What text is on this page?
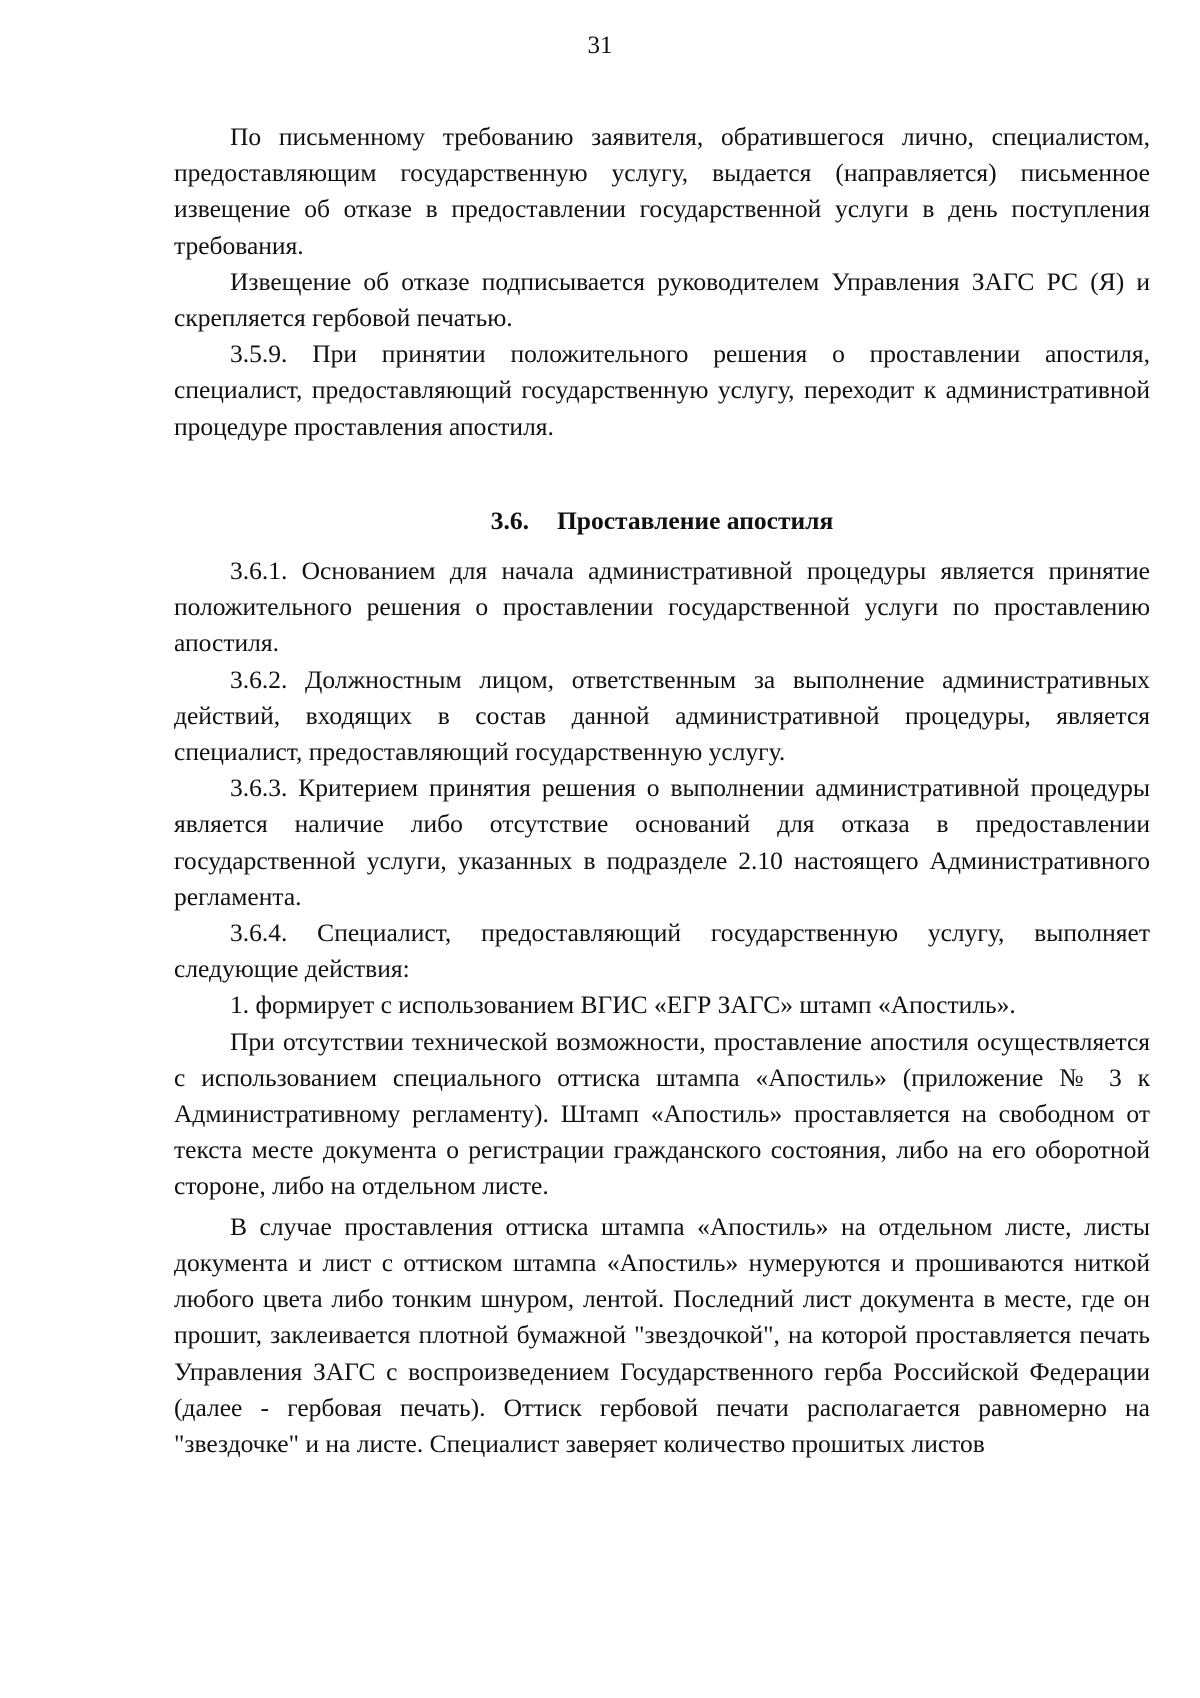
31

По письменному требованию заявителя, обратившегося лично, специалистом, предоставляющим государственную услугу, выдается (направляется) письменное извещение об отказе в предоставлении государственной услуги в день поступления требования.

Извещение об отказе подписывается руководителем Управления ЗАГС РС (Я) и скрепляется гербовой печатью.

3.5.9. При принятии положительного решения о проставлении апостиля, специалист, предоставляющий государственную услугу, переходит к административной процедуре проставления апостиля.

3.6. Проставление апостиля

3.6.1. Основанием для начала административной процедуры является принятие положительного решения о проставлении государственной услуги по проставлению апостиля.

3.6.2. Должностным лицом, ответственным за выполнение административных действий, входящих в состав данной административной процедуры, является специалист, предоставляющий государственную услугу.

3.6.3. Критерием принятия решения о выполнении административной процедуры является наличие либо отсутствие оснований для отказа в предоставлении государственной услуги, указанных в подразделе 2.10 настоящего Административного регламента.

3.6.4. Специалист, предоставляющий государственную услугу, выполняет следующие действия:

1. формирует с использованием ВГИС «ЕГР ЗАГС» штамп «Апостиль».

При отсутствии технической возможности, проставление апостиля осуществляется с использованием специального оттиска штампа «Апостиль» (приложение № 3 к Административному регламенту). Штамп «Апостиль» проставляется на свободном от текста месте документа о регистрации гражданского состояния, либо на его оборотной стороне, либо на отдельном листе.

В случае проставления оттиска штампа «Апостиль» на отдельном листе, листы документа и лист с оттиском штампа «Апостиль» нумеруются и прошиваются ниткой любого цвета либо тонким шнуром, лентой. Последний лист документа в месте, где он прошит, заклеивается плотной бумажной "звездочкой", на которой проставляется печать Управления ЗАГС с воспроизведением Государственного герба Российской Федерации (далее - гербовая печать). Оттиск гербовой печати располагается равномерно на "звездочке" и на листе. Специалист заверяет количество прошитых листов
